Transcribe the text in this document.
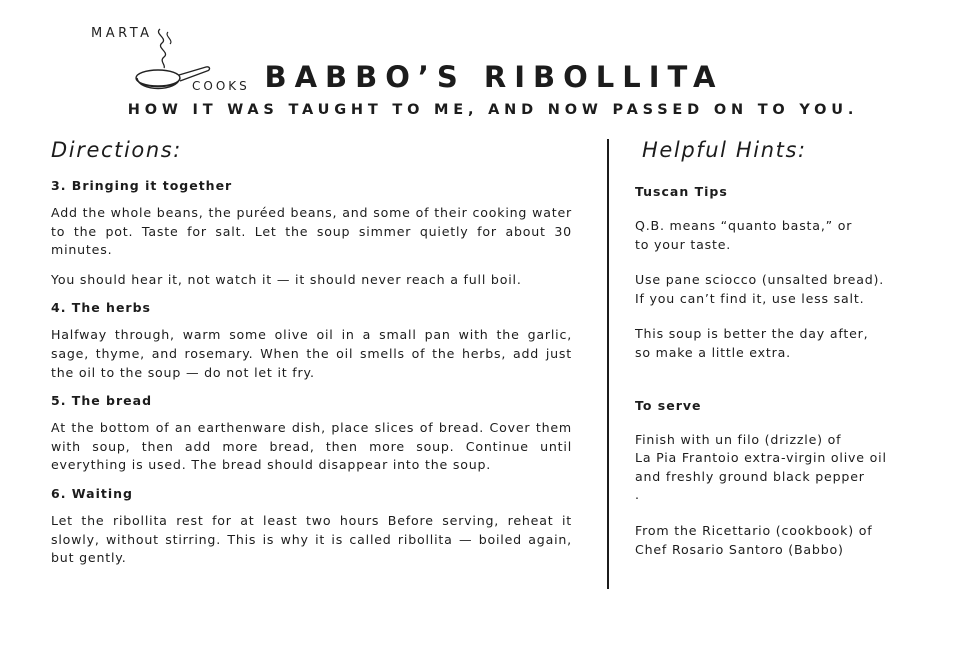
MARTA
COOKS BABBO’S RIBOLLITA
HOW IT WAS TAUGHT TO ME, AND NOW PASSED ON TO YOU.
Directions:	Helpful Hints:
3. Bringing it together

Add the whole beans, the puréed beans, and some of their cooking water to the pot. Taste for salt. Let the soup simmer quietly for about 30 minutes.

You should hear it, not watch it — it should never reach a full boil.

4. The herbs

Halfway through, warm some olive oil in a small pan with the garlic, sage, thyme, and rosemary. When the oil smells of the herbs, add just the oil to the soup — do not let it fry.

5. The bread

At the bottom of an earthenware dish, place slices of bread. Cover them with soup, then add more bread, then more soup. Continue until everything is used. The bread should disappear into the soup.

6. Waiting

Let the ribollita rest for at least two hours Before serving, reheat it slowly, without stirring. This is why it is called ribollita — boiled again, but gently.

Tuscan Tips
Q.B. means “quanto basta,” or
to your taste.
Use pane sciocco (unsalted bread).
If you can’t find it, use less salt.
This soup is better the day after,
so make a little extra.
To serve
Finish with un filo (drizzle) of
La Pia Frantoio extra-virgin olive oil
and freshly ground black pepper
.
From the Ricettario (cookbook) of
Chef Rosario Santoro (Babbo)
